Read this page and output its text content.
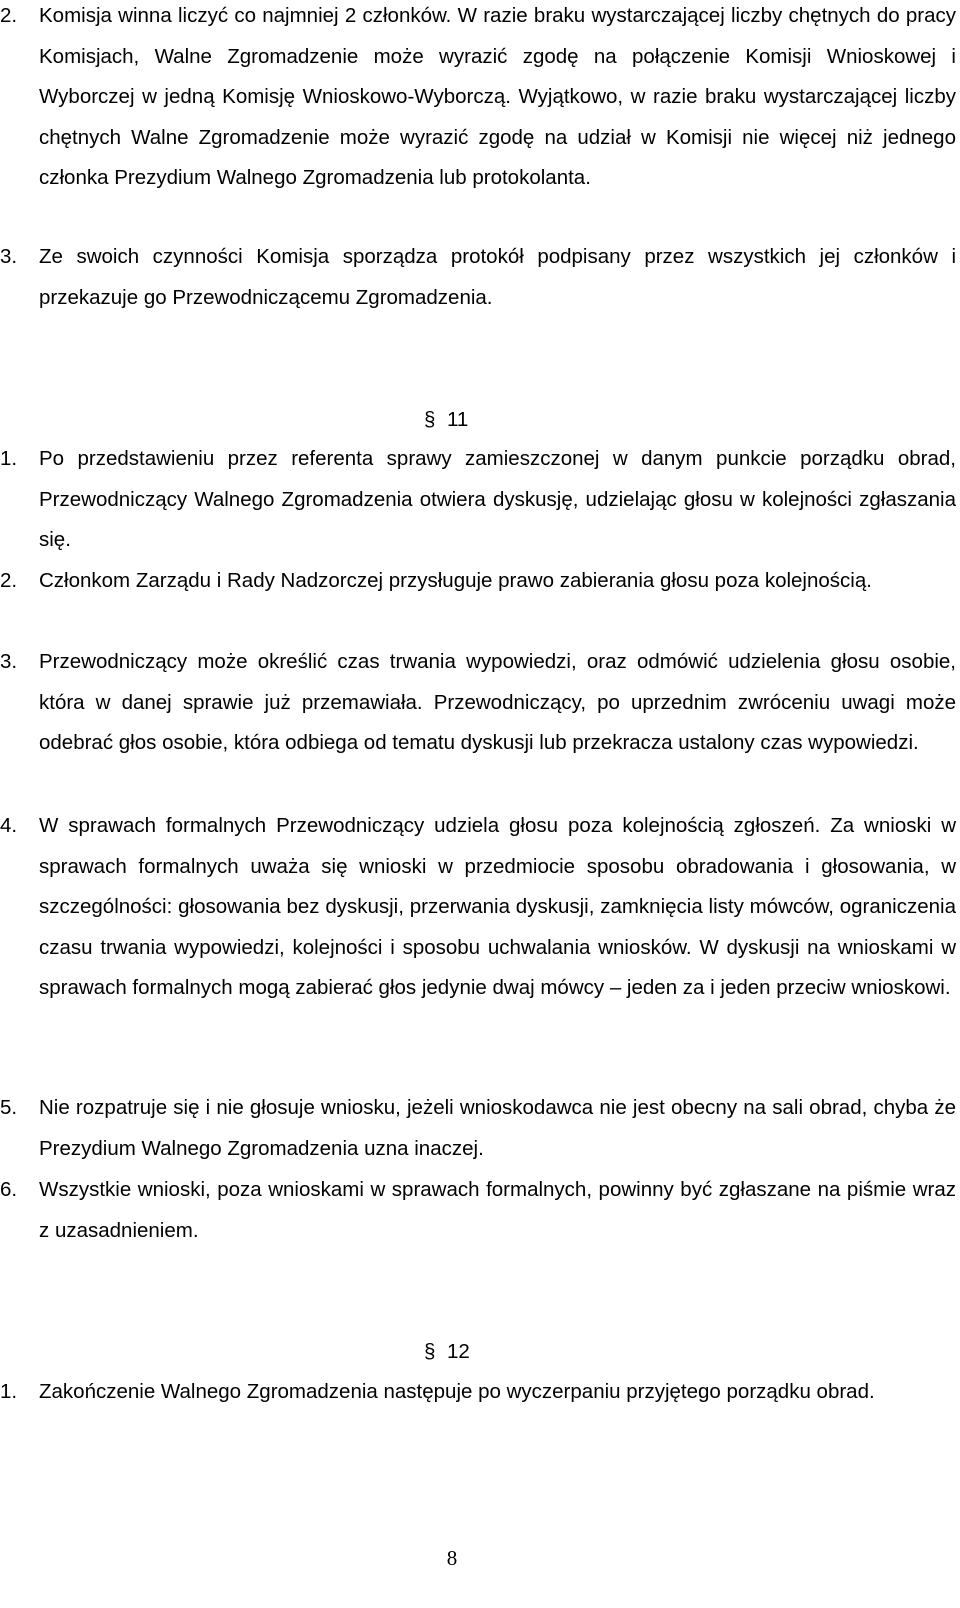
2. Komisja winna liczyć co najmniej 2 członków. W razie braku wystarczającej liczby chętnych do pracy Komisjach, Walne Zgromadzenie może wyrazić zgodę na połączenie Komisji Wnioskowej i Wyborczej w jedną Komisję Wnioskowo-Wyborczą. Wyjątkowo, w razie braku wystarczającej liczby chętnych Walne Zgromadzenie może wyrazić zgodę na udział w Komisji nie więcej niż jednego członka Prezydium Walnego Zgromadzenia lub protokolanta.
3. Ze swoich czynności Komisja sporządza protokół podpisany przez wszystkich jej członków i przekazuje go Przewodniczącemu Zgromadzenia.
§ 11
1. Po przedstawieniu przez referenta sprawy zamieszczonej w danym punkcie porządku obrad, Przewodniczący Walnego Zgromadzenia otwiera dyskusję, udzielając głosu w kolejności zgłaszania się.
2. Członkom Zarządu i Rady Nadzorczej przysługuje prawo zabierania głosu poza kolejnością.
3. Przewodniczący może określić czas trwania wypowiedzi, oraz odmówić udzielenia głosu osobie, która w danej sprawie już przemawiała. Przewodniczący, po uprzednim zwróceniu uwagi może odebrać głos osobie, która odbiega od tematu dyskusji lub przekracza ustalony czas wypowiedzi.
4. W sprawach formalnych Przewodniczący udziela głosu poza kolejnością zgłoszeń. Za wnioski w sprawach formalnych uważa się wnioski w przedmiocie sposobu obradowania i głosowania, w szczególności: głosowania bez dyskusji, przerwania dyskusji, zamknięcia listy mówców, ograniczenia czasu trwania wypowiedzi, kolejności i sposobu uchwalania wniosków. W dyskusji na wnioskami w sprawach formalnych mogą zabierać głos jedynie dwaj mówcy – jeden za i jeden przeciw wnioskowi.
5. Nie rozpatruje się i nie głosuje wniosku, jeżeli wnioskodawca nie jest obecny na sali obrad, chyba że Prezydium Walnego Zgromadzenia uzna inaczej.
6. Wszystkie wnioski, poza wnioskami w sprawach formalnych, powinny być zgłaszane na piśmie wraz z uzasadnieniem.
§ 12
1. Zakończenie Walnego Zgromadzenia następuje po wyczerpaniu przyjętego porządku obrad.
8
